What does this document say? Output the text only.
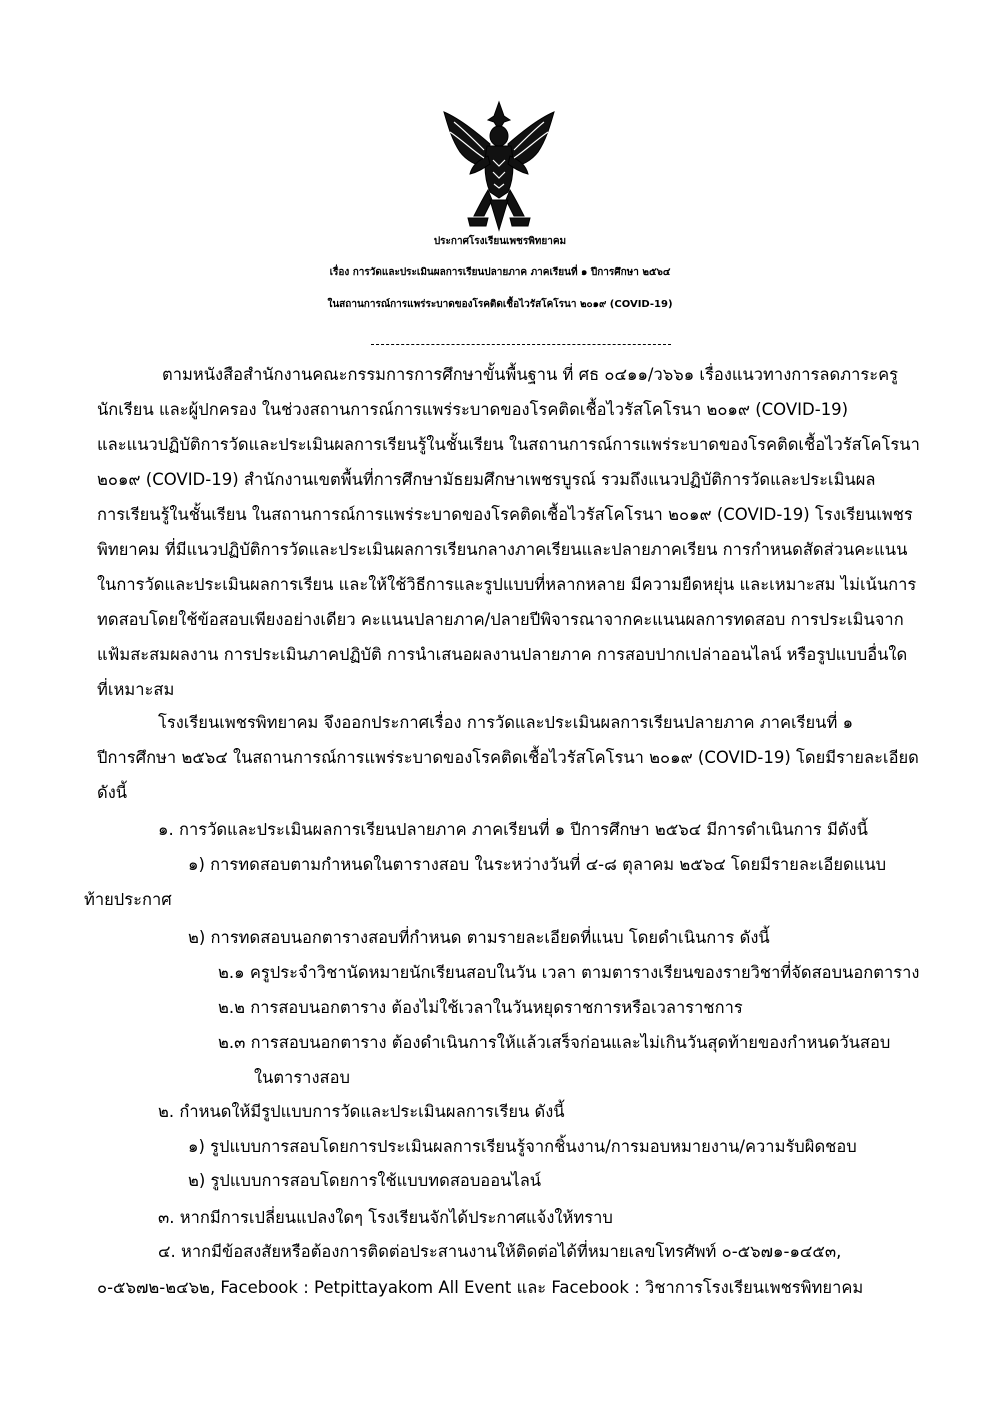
ประกาศโรงเรียนเพชรพิทยาคม
เรื่อง การวัดและประเมินผลการเรียนปลายภาค ภาคเรียนที่ ๑ ปีการศึกษา ๒๕๖๔
ในสถานการณ์การแพร่ระบาดของโรคติดเชื้อไวรัสโคโรนา ๒๐๑๙ (COVID-19)
ตามหนังสือสำนักงานคณะกรรมการการศึกษาขั้นพื้นฐาน ที่ ศธ ๐๔๑๑/ว๖๖๑ เรื่องแนวทางการลดภาระครู
นักเรียน และผู้ปกครอง ในช่วงสถานการณ์การแพร่ระบาดของโรคติดเชื้อไวรัสโคโรนา ๒๐๑๙ (COVID-19)
และแนวปฏิบัติการวัดและประเมินผลการเรียนรู้ในชั้นเรียน ในสถานการณ์การแพร่ระบาดของโรคติดเชื้อไวรัสโคโรนา
๒๐๑๙ (COVID-19) สำนักงานเขตพื้นที่การศึกษามัธยมศึกษาเพชรบูรณ์ รวมถึงแนวปฏิบัติการวัดและประเมินผล
การเรียนรู้ในชั้นเรียน ในสถานการณ์การแพร่ระบาดของโรคติดเชื้อไวรัสโคโรนา ๒๐๑๙ (COVID-19) โรงเรียนเพชร
พิทยาคม ที่มีแนวปฏิบัติการวัดและประเมินผลการเรียนกลางภาคเรียนและปลายภาคเรียน การกำหนดสัดส่วนคะแนน
ในการวัดและประเมินผลการเรียน และให้ใช้วิธีการและรูปแบบที่หลากหลาย มีความยืดหยุ่น และเหมาะสม ไม่เน้นการ
ทดสอบโดยใช้ข้อสอบเพียงอย่างเดียว คะแนนปลายภาค/ปลายปีพิจารณาจากคะแนนผลการทดสอบ การประเมินจาก
แฟ้มสะสมผลงาน การประเมินภาคปฏิบัติ การนำเสนอผลงานปลายภาค การสอบปากเปล่าออนไลน์ หรือรูปแบบอื่นใด
ที่เหมาะสม
โรงเรียนเพชรพิทยาคม จึงออกประกาศเรื่อง การวัดและประเมินผลการเรียนปลายภาค ภาคเรียนที่ ๑
ปีการศึกษา ๒๕๖๔ ในสถานการณ์การแพร่ระบาดของโรคติดเชื้อไวรัสโคโรนา ๒๐๑๙ (COVID-19) โดยมีรายละเอียด
ดังนี้
๑. การวัดและประเมินผลการเรียนปลายภาค ภาคเรียนที่ ๑ ปีการศึกษา ๒๕๖๔ มีการดำเนินการ มีดังนี้
๑) การทดสอบตามกำหนดในตารางสอบ ในระหว่างวันที่ ๔-๘ ตุลาคม ๒๕๖๔ โดยมีรายละเอียดแนบ
ท้ายประกาศ
๒) การทดสอบนอกตารางสอบที่กำหนด ตามรายละเอียดที่แนบ โดยดำเนินการ ดังนี้
๒.๑ ครูประจำวิชานัดหมายนักเรียนสอบในวัน เวลา ตามตารางเรียนของรายวิชาที่จัดสอบนอกตาราง
๒.๒ การสอบนอกตาราง ต้องไม่ใช้เวลาในวันหยุดราชการหรือเวลาราชการ
๒.๓ การสอบนอกตาราง ต้องดำเนินการให้แล้วเสร็จก่อนและไม่เกินวันสุดท้ายของกำหนดวันสอบ
ในตารางสอบ
๒. กำหนดให้มีรูปแบบการวัดและประเมินผลการเรียน ดังนี้
๑) รูปแบบการสอบโดยการประเมินผลการเรียนรู้จากชิ้นงาน/การมอบหมายงาน/ความรับผิดชอบ
๒) รูปแบบการสอบโดยการใช้แบบทดสอบออนไลน์
๓. หากมีการเปลี่ยนแปลงใดๆ โรงเรียนจักได้ประกาศแจ้งให้ทราบ
๔. หากมีข้อสงสัยหรือต้องการติดต่อประสานงานให้ติดต่อได้ที่หมายเลขโทรศัพท์ ๐-๕๖๗๑-๑๔๕๓,
๐-๕๖๗๒-๒๔๖๒, Facebook : Petpittayakom All Event และ Facebook : วิชาการโรงเรียนเพชรพิทยาคม
